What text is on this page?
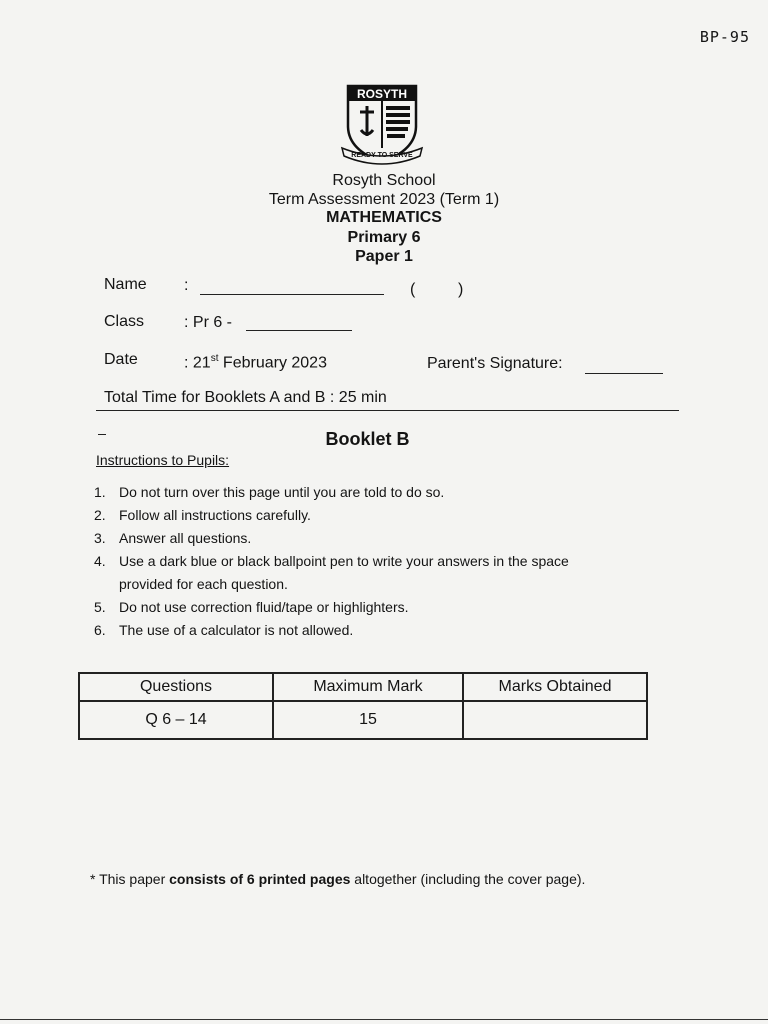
BP-95
ROSYTH
READY TO SERVE
Rosyth School
Term Assessment 2023 (Term 1)
MATHEMATICS
Primary 6
Paper 1
Name :	(	)
Class : Pr 6 -
Date	: 21st February 2023	Parent's Signature:
Total Time for Booklets A and B : 25 min
Booklet B
Instructions to Pupils:
1. Do not turn over this page until you are told to do so.
2. Follow all instructions carefully.
3. Answer all questions.
4. Use a dark blue or black ballpoint pen to write your answers in the space provided for each question.
5. Do not use correction fluid/tape or highlighters.
6. The use of a calculator is not allowed.
Questions	Maximum Mark	Marks Obtained
Q 6 – 14	15	
* This paper consists of 6 printed pages altogether (including the cover page).
